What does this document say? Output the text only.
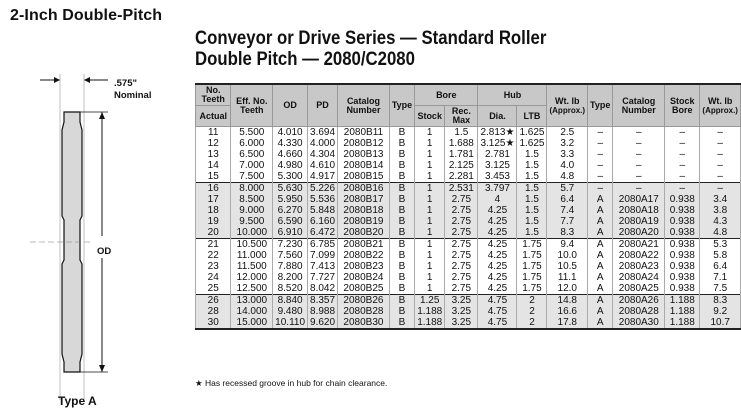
2-Inch Double-Pitch
Conveyor or Drive Series — Standard Roller
Double Pitch — 2080/C2080
.575"
Nominal
OD
Type A
No. Teeth	Eff. No. Teeth	OD	PD	Catalog Number	Type	Bore		Hub		Wt. lb
(Approx.)	Type	Catalog Number	Stock Bore	Wt. lb
(Approx.)
Actual						Stock	Rec. Max	Dia.	LTB					
11	5.500	4.010	3.694	2080B11	B	1	1.5	2.813★	1.625	2.5	–	–	–	–
12	6.000	4.330	4.000	2080B12	B	1	1.688	3.125★	1.625	3.2	–	–	–	–
13	6.500	4.660	4.304	2080B13	B	1	1.781	2.781	1.5	3.3	–	–	–	–
14	7.000	4.980	4.610	2080B14	B	1	2.125	3.125	1.5	4.0	–	–	–	–
15	7.500	5.300	4.917	2080B15	B	1	2.281	3.453	1.5	4.8	–	–	–	–
16	8.000	5.630	5.226	2080B16	B	1	2.531	3.797	1.5	5.7	–	–	–	–
17	8.500	5.950	5.536	2080B17	B	1	2.75	4	1.5	6.4	A	2080A17	0.938	3.4
18	9.000	6.270	5.848	2080B18	B	1	2.75	4.25	1.5	7.4	A	2080A18	0.938	3.8
19	9.500	6.590	6.160	2080B19	B	1	2.75	4.25	1.5	7.7	A	2080A19	0.938	4.3
20	10.000	6.910	6.472	2080B20	B	1	2.75	4.25	1.5	8.3	A	2080A20	0.938	4.8
21	10.500	7.230	6.785	2080B21	B	1	2.75	4.25	1.75	9.4	A	2080A21	0.938	5.3
22	11.000	7.560	7.099	2080B22	B	1	2.75	4.25	1.75	10.0	A	2080A22	0.938	5.8
23	11.500	7.880	7.413	2080B23	B	1	2.75	4.25	1.75	10.5	A	2080A23	0.938	6.4
24	12.000	8.200	7.727	2080B24	B	1	2.75	4.25	1.75	11.1	A	2080A24	0.938	7.1
25	12.500	8.520	8.042	2080B25	B	1	2.75	4.25	1.75	12.0	A	2080A25	0.938	7.5
26	13.000	8.840	8.357	2080B26	B	1.25	3.25	4.75	2	14.8	A	2080A26	1.188	8.3
28	14.000	9.480	8.988	2080B28	B	1.188	3.25	4.75	2	16.6	A	2080A28	1.188	9.2
30	15.000	10.110	9.620	2080B30	B	1.188	3.25	4.75	2	17.8	A	2080A30	1.188	10.7
★ Has recessed groove in hub for chain clearance.
